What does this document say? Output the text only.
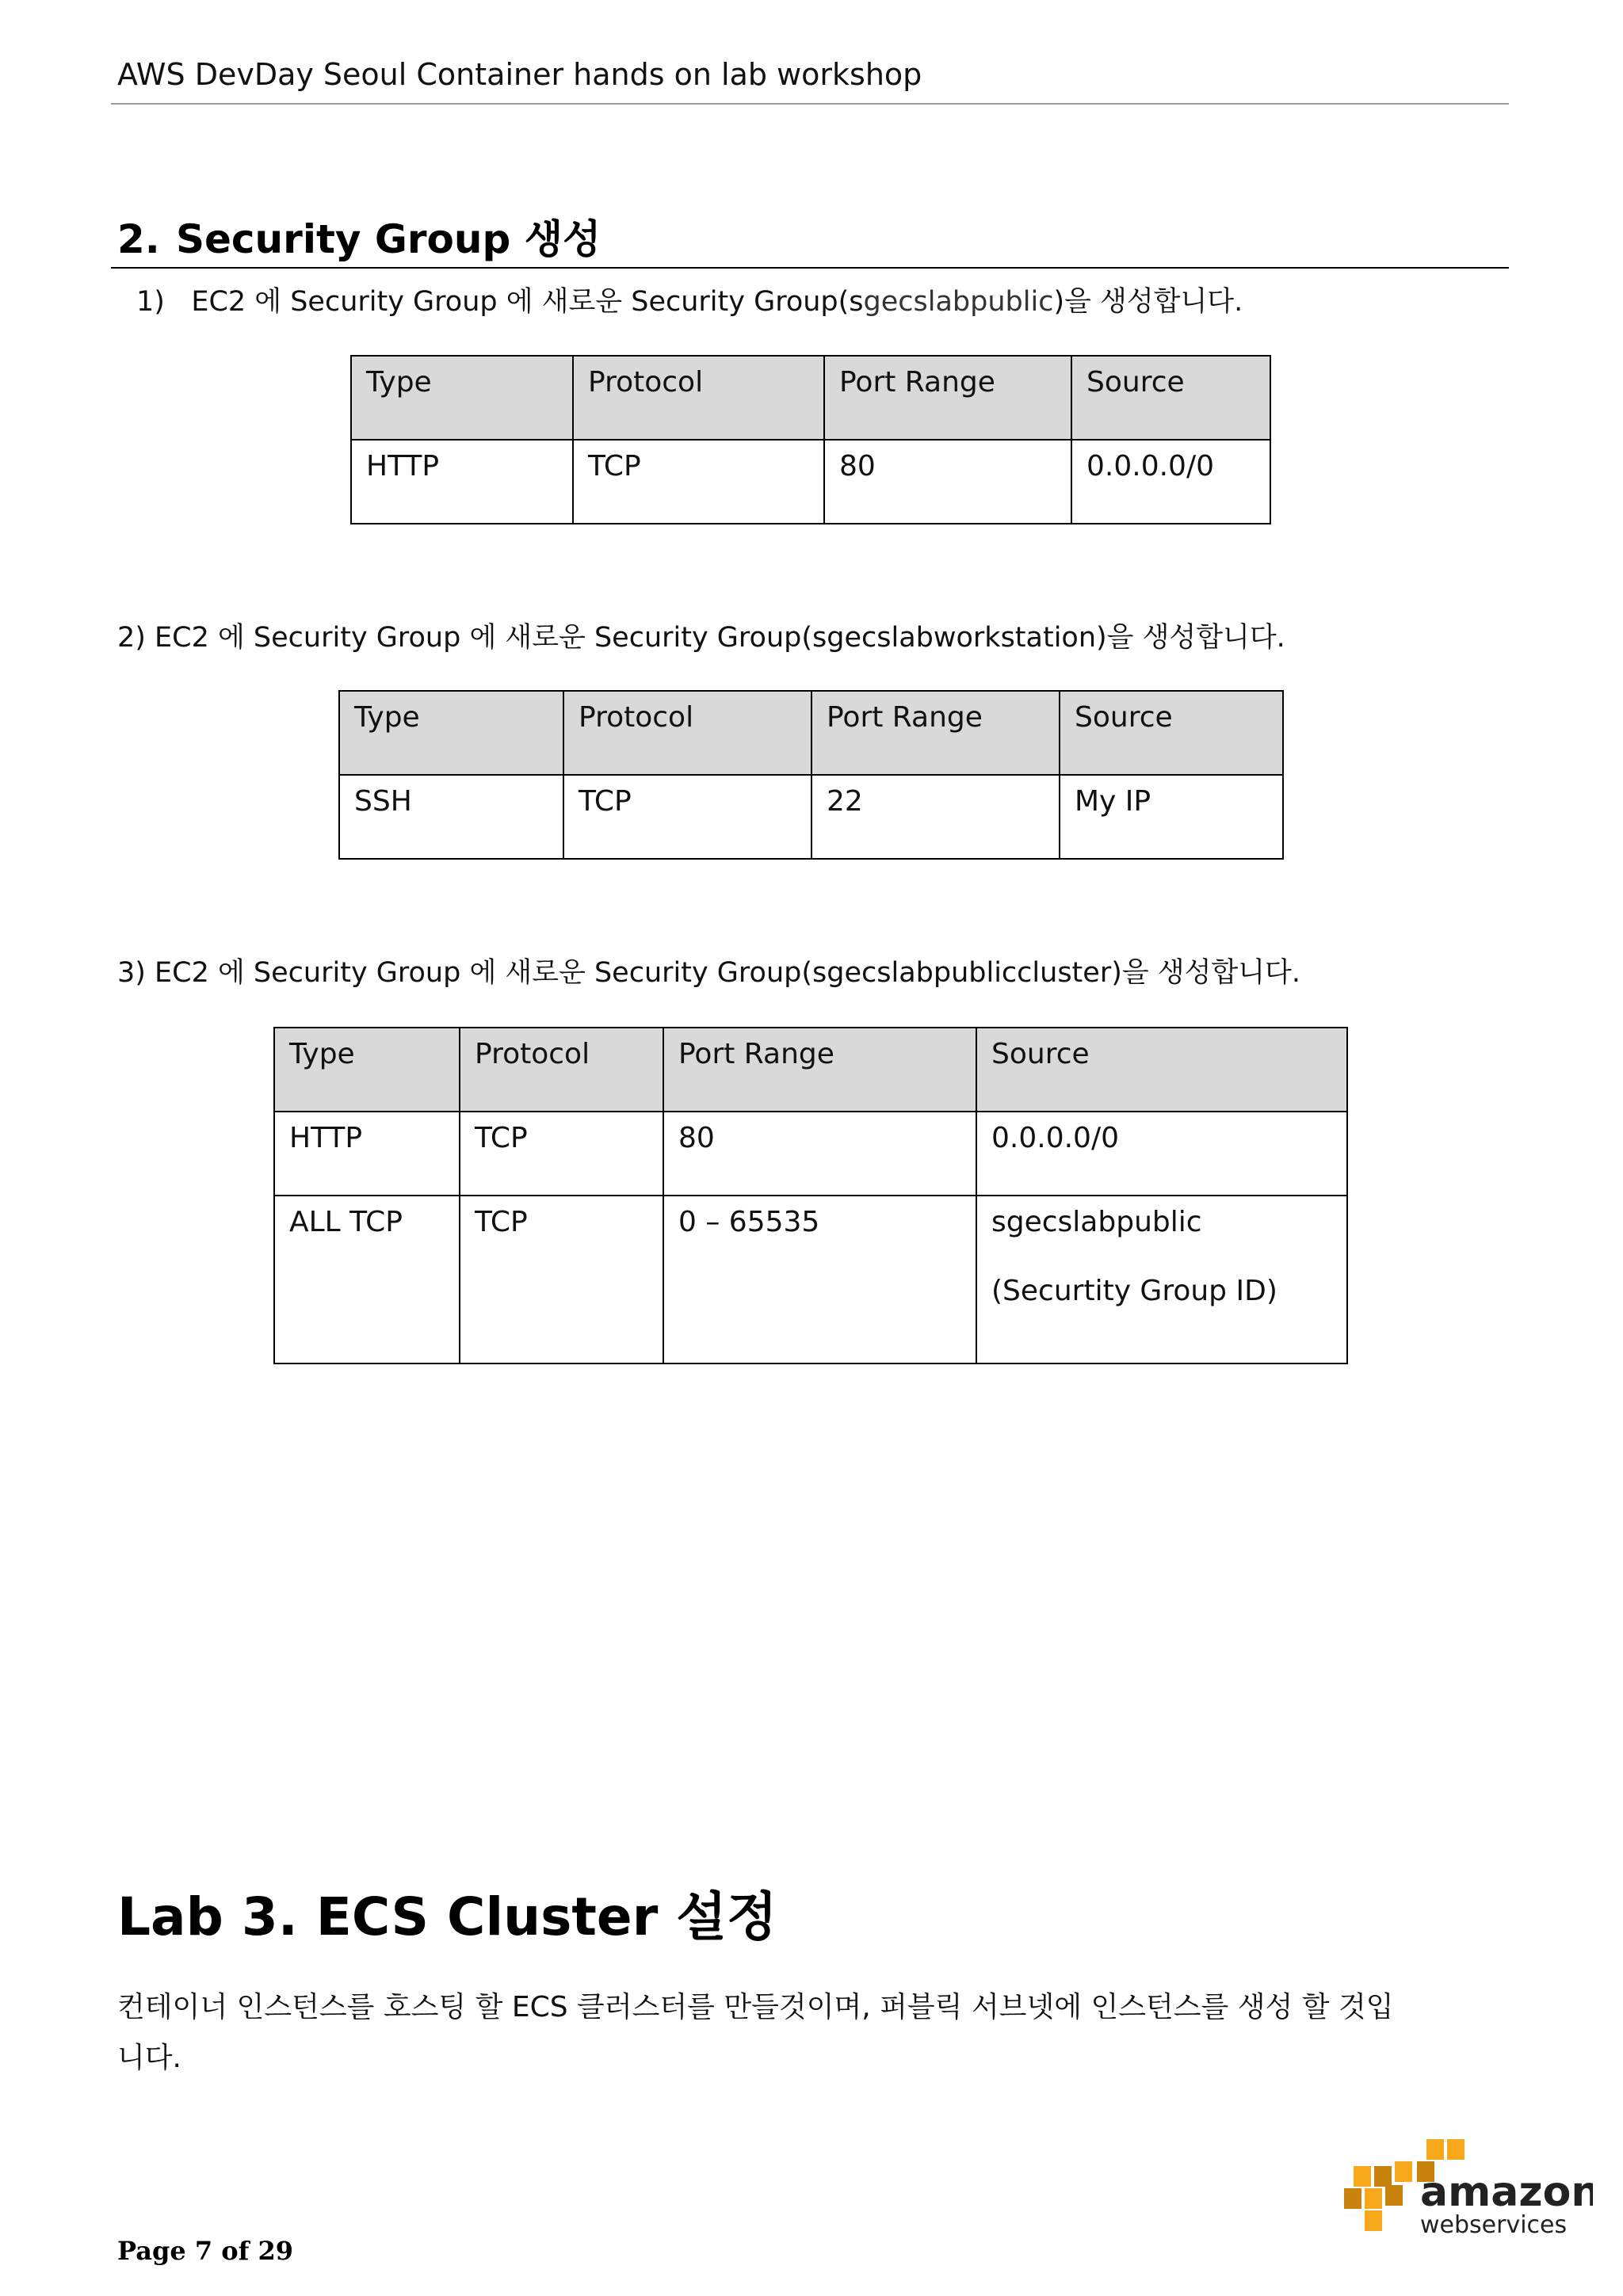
AWS DevDay Seoul Container hands on lab workshop
2. Security Group 생성
1) EC2 에 Security Group 에 새로운 Security Group(sgecslabpublic)을 생성합니다.
Type	Protocol	Port Range	Source
HTTP	TCP	80	0.0.0.0/0
2) EC2 에 Security Group 에 새로운 Security Group(sgecslabworkstation)을 생성합니다.
Type	Protocol	Port Range	Source
SSH	TCP	22	My IP
3) EC2 에 Security Group 에 새로운 Security Group(sgecslabpubliccluster)을 생성합니다.
Type	Protocol	Port Range	Source
HTTP	TCP	80	0.0.0.0/0
ALL TCP	TCP	0 – 65535	sgecslabpublic
(Securtity Group ID)
Lab 3. ECS Cluster 설정
컨테이너 인스턴스를 호스팅 할 ECS 클러스터를 만들것이며, 퍼블릭 서브넷에 인스턴스를 생성 할 것입니다.
Page 7 of 29
amazon
webservices
